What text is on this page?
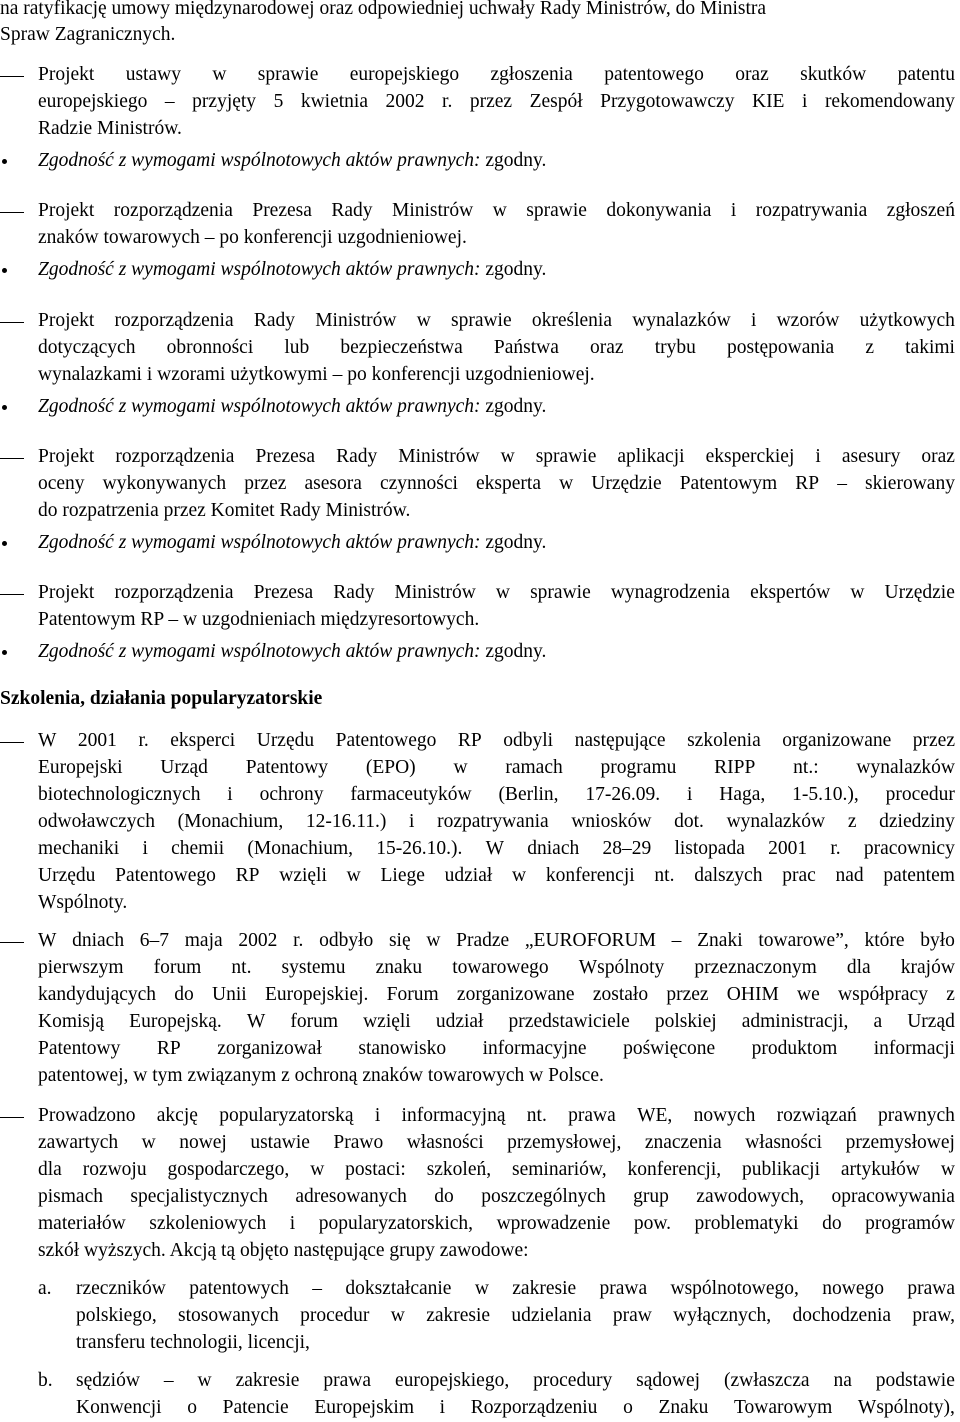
na ratyfikację umowy międzynarodowej oraz odpowiedniej uchwały Rady Ministrów, do Ministra
Spraw Zagranicznych.
Projekt ustawy w sprawie europejskiego zgłoszenia patentowego oraz skutków patentu
europejskiego – przyjęty 5 kwietnia 2002 r. przez Zespół Przygotowawczy KIE i rekomendowany
Radzie Ministrów.
Zgodność z wymogami wspólnotowych aktów prawnych: zgodny.
Projekt rozporządzenia Prezesa Rady Ministrów w sprawie dokonywania i rozpatrywania zgłoszeń
znaków towarowych – po konferencji uzgodnieniowej.
Zgodność z wymogami wspólnotowych aktów prawnych: zgodny.
Projekt rozporządzenia Rady Ministrów w sprawie określenia wynalazków i wzorów użytkowych
dotyczących obronności lub bezpieczeństwa Państwa oraz trybu postępowania z takimi
wynalazkami i wzorami użytkowymi – po konferencji uzgodnieniowej.
Zgodność z wymogami wspólnotowych aktów prawnych: zgodny.
Projekt rozporządzenia Prezesa Rady Ministrów w sprawie aplikacji eksperckiej i asesury oraz
oceny wykonywanych przez asesora czynności eksperta w Urzędzie Patentowym RP – skierowany
do rozpatrzenia przez Komitet Rady Ministrów.
Zgodność z wymogami wspólnotowych aktów prawnych: zgodny.
Projekt rozporządzenia Prezesa Rady Ministrów w sprawie wynagrodzenia ekspertów w Urzędzie
Patentowym RP – w uzgodnieniach międzyresortowych.
Zgodność z wymogami wspólnotowych aktów prawnych: zgodny.
Szkolenia, działania popularyzatorskie
W 2001 r. eksperci Urzędu Patentowego RP odbyli następujące szkolenia organizowane przez
Europejski Urząd Patentowy (EPO) w ramach programu RIPP nt.: wynalazków
biotechnologicznych i ochrony farmaceutyków (Berlin, 17-26.09. i Haga, 1-5.10.), procedur
odwoławczych (Monachium, 12-16.11.) i rozpatrywania wniosków dot. wynalazków z dziedziny
mechaniki i chemii (Monachium, 15-26.10.). W dniach 28–29 listopada 2001 r. pracownicy
Urzędu Patentowego RP wzięli w Liege udział w konferencji nt. dalszych prac nad patentem
Wspólnoty.
W dniach 6–7 maja 2002 r. odbyło się w Pradze „EUROFORUM – Znaki towarowe”, które było
pierwszym forum nt. systemu znaku towarowego Wspólnoty przeznaczonym dla krajów
kandydujących do Unii Europejskiej. Forum zorganizowane zostało przez OHIM we współpracy z
Komisją Europejską. W forum wzięli udział przedstawiciele polskiej administracji, a Urząd
Patentowy RP zorganizował stanowisko informacyjne poświęcone produktom informacji
patentowej, w tym związanym z ochroną znaków towarowych w Polsce.
Prowadzono akcję popularyzatorską i informacyjną nt. prawa WE, nowych rozwiązań prawnych
zawartych w nowej ustawie Prawo własności przemysłowej, znaczenia własności przemysłowej
dla rozwoju gospodarczego, w postaci: szkoleń, seminariów, konferencji, publikacji artykułów w
pismach specjalistycznych adresowanych do poszczególnych grup zawodowych, opracowywania
materiałów szkoleniowych i popularyzatorskich, wprowadzenie pow. problematyki do programów
szkół wyższych. Akcją tą objęto następujące grupy zawodowe:
a. rzeczników patentowych – dokształcanie w zakresie prawa wspólnotowego, nowego prawa
polskiego, stosowanych procedur w zakresie udzielania praw wyłącznych, dochodzenia praw,
transferu technologii, licencji,
b. sędziów – w zakresie prawa europejskiego, procedury sądowej (zwłaszcza na podstawie
Konwencji o Patencie Europejskim i Rozporządzeniu o Znaku Towarowym Wspólnoty),
